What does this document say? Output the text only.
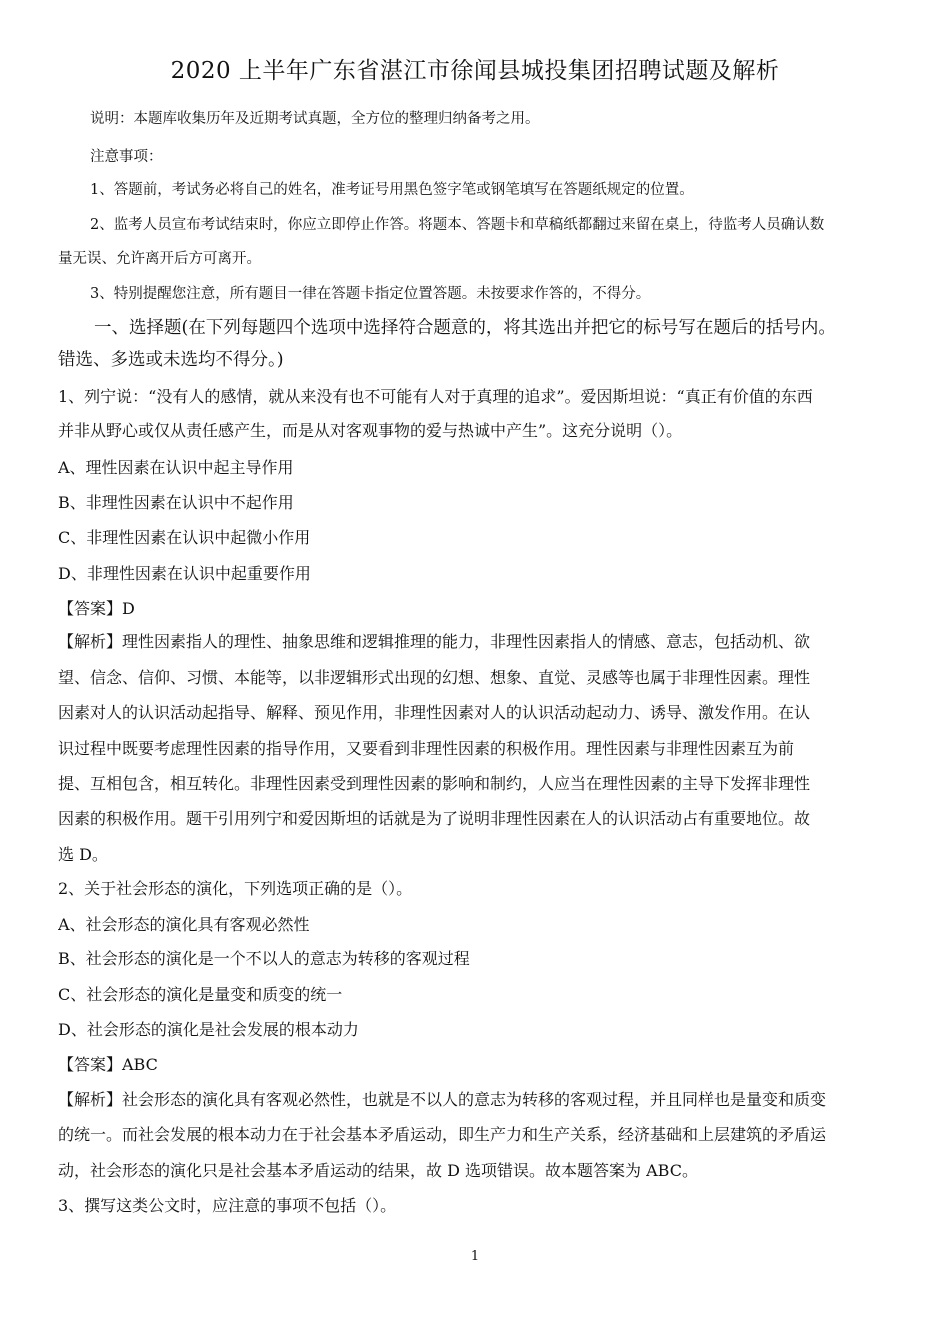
2020 上半年广东省湛江市徐闻县城投集团招聘试题及解析
说明：本题库收集历年及近期考试真题，全方位的整理归纳备考之用。
注意事项：
1、答题前，考试务必将自己的姓名，准考证号用黑色签字笔或钢笔填写在答题纸规定的位置。
2、监考人员宣布考试结束时，你应立即停止作答。将题本、答题卡和草稿纸都翻过来留在桌上，待监考人员确认数
量无误、允许离开后方可离开。
3、特别提醒您注意，所有题目一律在答题卡指定位置答题。未按要求作答的，不得分。
一、选择题(在下列每题四个选项中选择符合题意的，将其选出并把它的标号写在题后的括号内。
错选、多选或未选均不得分。)
1、列宁说：“没有人的感情，就从来没有也不可能有人对于真理的追求”。爱因斯坦说：“真正有价值的东西
并非从野心或仅从责任感产生，而是从对客观事物的爱与热诚中产生”。这充分说明（）。
A、理性因素在认识中起主导作用
B、非理性因素在认识中不起作用
C、非理性因素在认识中起微小作用
D、非理性因素在认识中起重要作用
【答案】D
【解析】理性因素指人的理性、抽象思维和逻辑推理的能力，非理性因素指人的情感、意志，包括动机、欲
望、信念、信仰、习惯、本能等，以非逻辑形式出现的幻想、想象、直觉、灵感等也属于非理性因素。理性
因素对人的认识活动起指导、解释、预见作用，非理性因素对人的认识活动起动力、诱导、激发作用。在认
识过程中既要考虑理性因素的指导作用，又要看到非理性因素的积极作用。理性因素与非理性因素互为前
提、互相包含，相互转化。非理性因素受到理性因素的影响和制约，人应当在理性因素的主导下发挥非理性
因素的积极作用。题干引用列宁和爱因斯坦的话就是为了说明非理性因素在人的认识活动占有重要地位。故
选 D。
2、关于社会形态的演化，下列选项正确的是（）。
A、社会形态的演化具有客观必然性
B、社会形态的演化是一个不以人的意志为转移的客观过程
C、社会形态的演化是量变和质变的统一
D、社会形态的演化是社会发展的根本动力
【答案】ABC
【解析】社会形态的演化具有客观必然性，也就是不以人的意志为转移的客观过程，并且同样也是量变和质变
的统一。而社会发展的根本动力在于社会基本矛盾运动，即生产力和生产关系，经济基础和上层建筑的矛盾运
动，社会形态的演化只是社会基本矛盾运动的结果，故 D 选项错误。故本题答案为 ABC。
3、撰写这类公文时，应注意的事项不包括（）。
1
